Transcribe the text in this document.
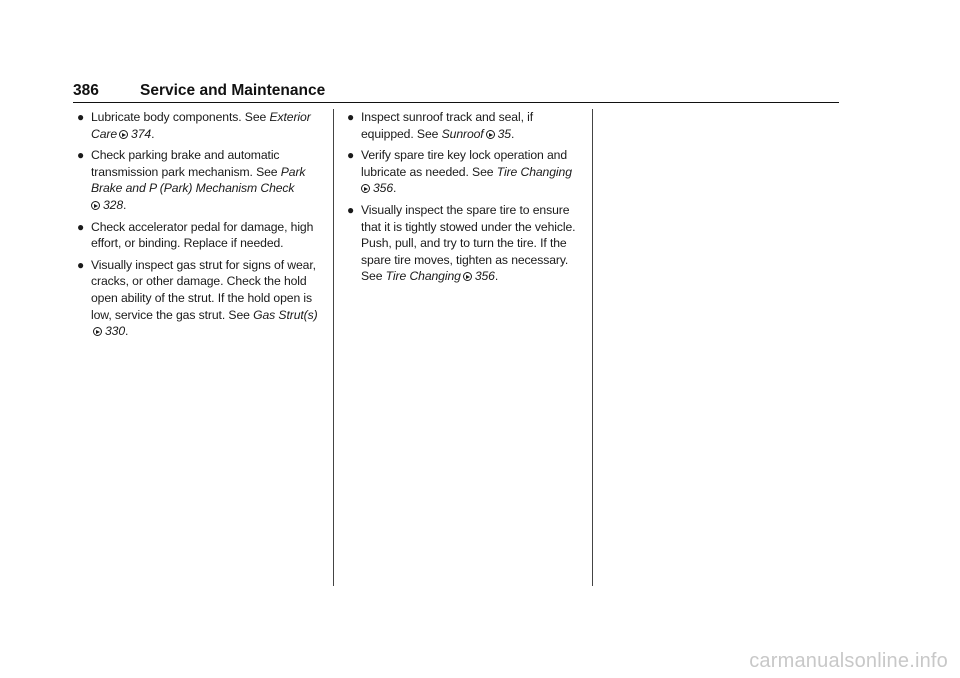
386	Service and Maintenance
● Lubricate body components. See Exterior Care 374.
● Check parking brake and automatic transmission park mechanism. See Park Brake and P (Park) Mechanism Check
328.
● Check accelerator pedal for damage, high effort, or binding. Replace if needed.
● Visually inspect gas strut for signs of wear, cracks, or other damage. Check the hold open ability of the strut. If the hold open is low, service the gas strut. See Gas Strut(s)330.
● Inspect sunroof track and seal, if equipped. See Sunroof 35.
● Verify spare tire key lock operation and lubricate as needed. See Tire Changing
356.
● Visually inspect the spare tire to ensure that it is tightly stowed under the vehicle. Push, pull, and try to turn the tire. If the spare tire moves, tighten as necessary. See Tire Changing 356.
carmanualsonline.info
